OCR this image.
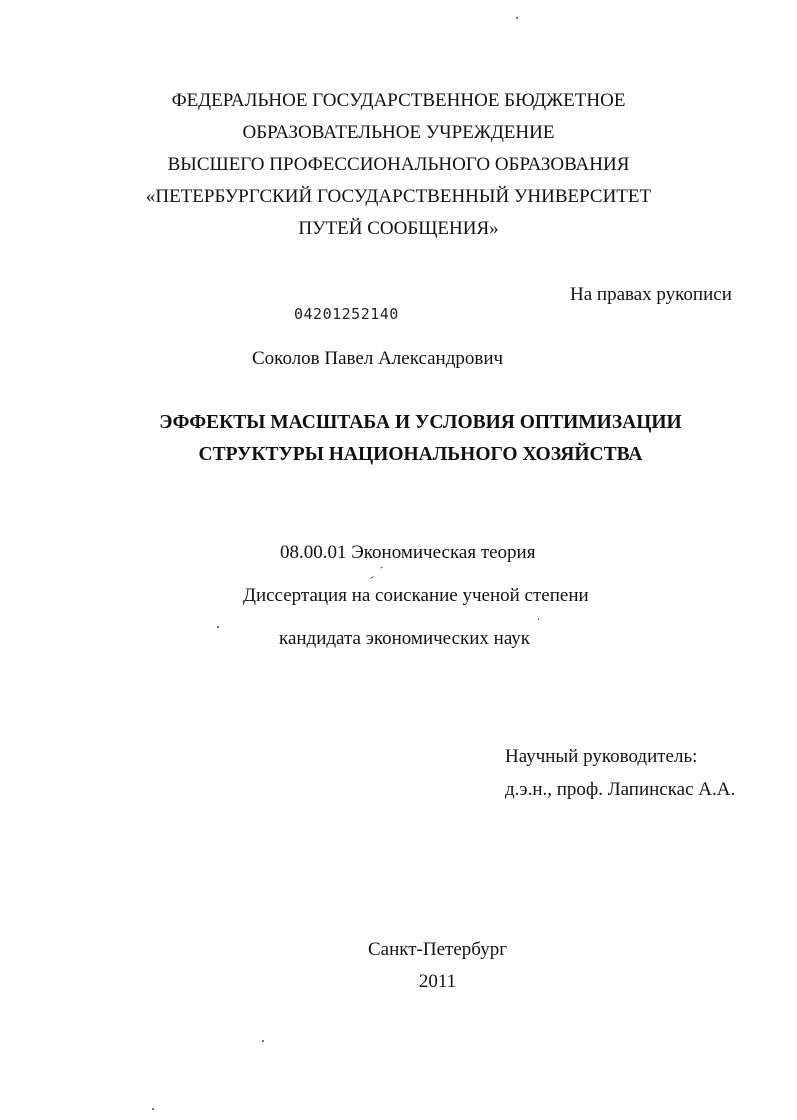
ФЕДЕРАЛЬНОЕ ГОСУДАРСТВЕННОЕ БЮДЖЕТНОЕ
ОБРАЗОВАТЕЛЬНОЕ УЧРЕЖДЕНИЕ
ВЫСШЕГО ПРОФЕССИОНАЛЬНОГО ОБРАЗОВАНИЯ
«ПЕТЕРБУРГСКИЙ ГОСУДАРСТВЕННЫЙ УНИВЕРСИТЕТ
ПУТЕЙ СООБЩЕНИЯ»
На правах рукописи
04201252140
Соколов Павел Александрович
ЭФФЕКТЫ МАСШТАБА И УСЛОВИЯ ОПТИМИЗАЦИИ
СТРУКТУРЫ НАЦИОНАЛЬНОГО ХОЗЯЙСТВА
08.00.01 Экономическая теория
Диссертация на соискание ученой степени
кандидата экономических наук
Научный руководитель:
д.э.н., проф. Лапинскас А.А.
Санкт-Петербург
2011
